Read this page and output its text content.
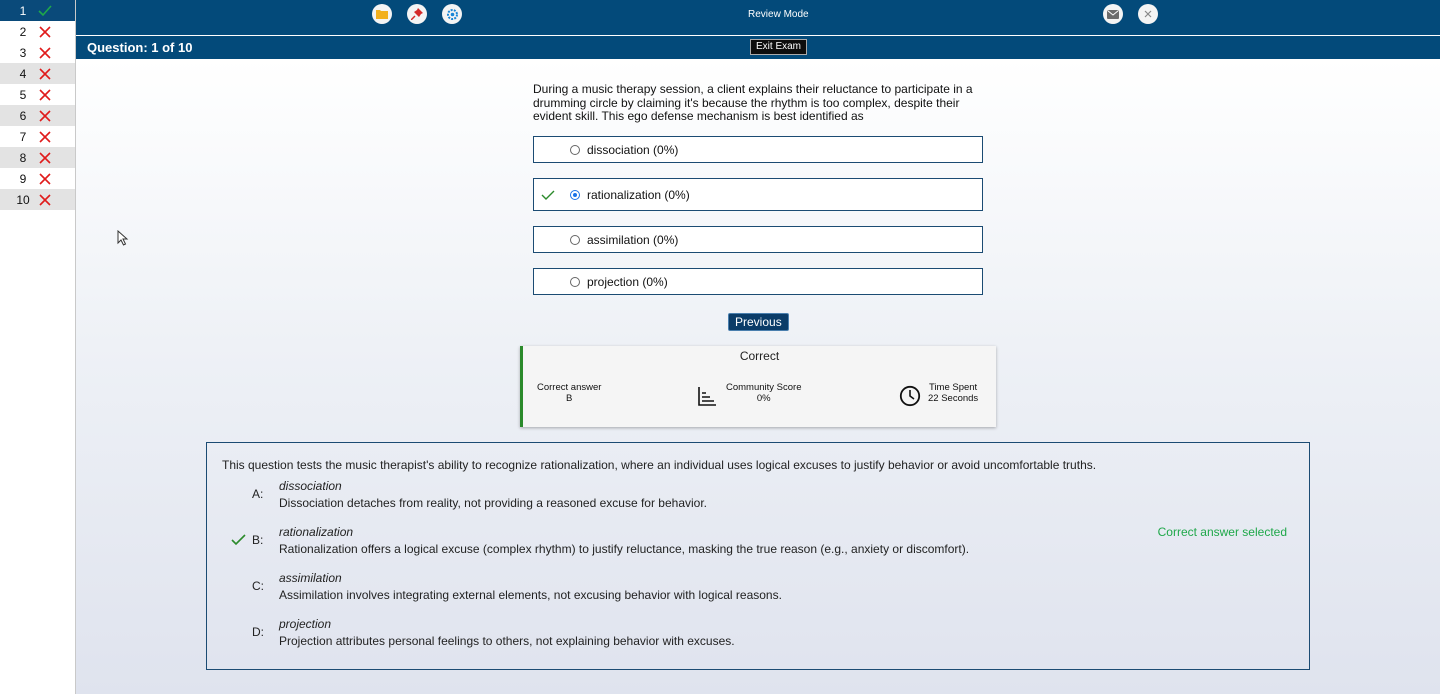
1
2
3
4
5
6
7
8
9
10
Review Mode
Question: 1 of 10	Exit Exam
During a music therapy session, a client explains their reluctance to participate in a drumming circle by claiming it's because the rhythm is too complex, despite their evident skill. This ego defense mechanism is best identified as
dissociation (0%)
rationalization (0%)
assimilation (0%)
projection (0%)
Previous
Correct
Correct answer
B
Community Score
0%
Time Spent
22 Seconds
This question tests the music therapist's ability to recognize rationalization, where an individual uses logical excuses to justify behavior or avoid uncomfortable truths.
A:
dissociation
Dissociation detaches from reality, not providing a reasoned excuse for behavior.
B:
rationalization
Rationalization offers a logical excuse (complex rhythm) to justify reluctance, masking the true reason (e.g., anxiety or discomfort).
C:
assimilation
Assimilation involves integrating external elements, not excusing behavior with logical reasons.
D:
projection
Projection attributes personal feelings to others, not explaining behavior with excuses.
Correct answer selected
